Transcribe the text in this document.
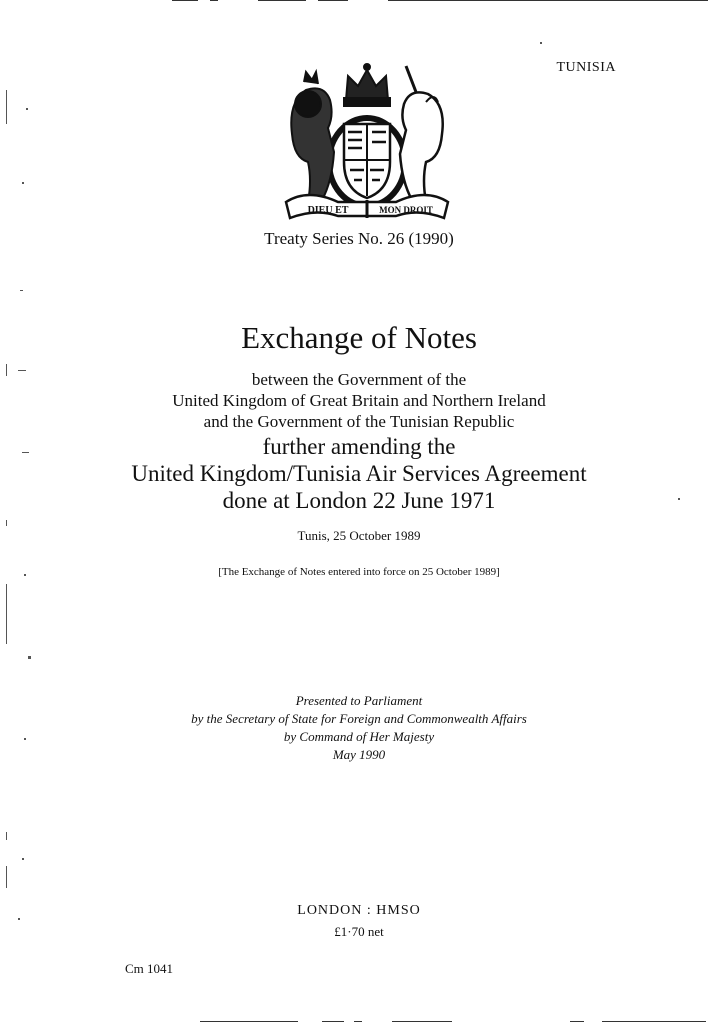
TUNISIA
DIEU ET	MON DROIT
Treaty Series No. 26 (1990)
Exchange of Notes
between the Government of the
United Kingdom of Great Britain and Northern Ireland
and the Government of the Tunisian Republic
further amending the
United Kingdom/Tunisia Air Services Agreement
done at London 22 June 1971
Tunis, 25 October 1989
[The Exchange of Notes entered into force on 25 October 1989]
Presented to Parliament
by the Secretary of State for Foreign and Commonwealth Affairs
by Command of Her Majesty
May 1990
LONDON : HMSO
£1·70 net
Cm 1041
